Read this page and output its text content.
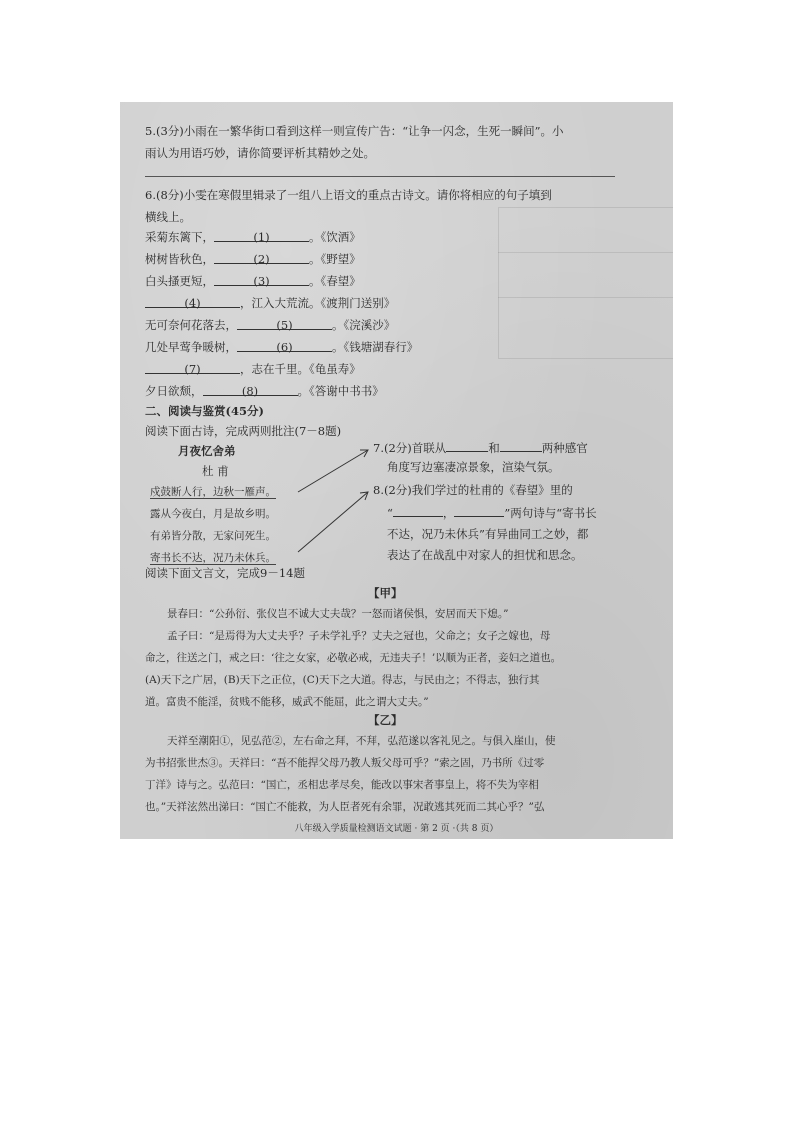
5.(3分)小雨在一繁华街口看到这样一则宣传广告：“让争一闪念，生死一瞬间”。小
雨认为用语巧妙，请你简要评析其精妙之处。
6.(8分)小雯在寒假里辑录了一组八上语文的重点古诗文。请你将相应的句子填到
横线上。
采菊东篱下，	(1)	。《饮酒》
树树皆秋色，	(2)	。《野望》
白头搔更短，	(3)	。《春望》
(4)	，江入大荒流。《渡荆门送别》
无可奈何花落去，	(5)	。《浣溪沙》
几处早莺争暖树，	(6)	。《钱塘湖春行》
(7)	，志在千里。《龟虽寿》
夕日欲颓，	(8)	。《答谢中书书》
二、阅读与鉴赏(45分)
阅读下面古诗，完成两则批注(7－8题)
月夜忆舍弟
杜 甫
戍鼓断人行，边秋一雁声。
露从今夜白，月是故乡明。
有弟皆分散，无家问死生。
寄书长不达，况乃未休兵。
7.(2分)首联从	和	两种感官
角度写边塞凄凉景象，渲染气氛。
8.(2分)我们学过的杜甫的《春望》里的
“	，	”两句诗与“寄书长
不达，况乃未休兵”有异曲同工之妙，都
表达了在战乱中对家人的担忧和思念。
阅读下面文言文，完成9－14题
【甲】
景春曰：“公孙衍、张仪岂不诚大丈夫哉？一怒而诸侯惧，安居而天下熄。”
孟子曰：“是焉得为大丈夫乎？子未学礼乎？丈夫之冠也，父命之；女子之嫁也，母
命之，往送之门，戒之曰：‘往之女家，必敬必戒，无违夫子！’以顺为正者，妾妇之道也。
(A)天下之广居，(B)天下之正位，(C)天下之大道。得志，与民由之；不得志，独行其
道。富贵不能淫，贫贱不能移，威武不能屈，此之谓大丈夫。”
【乙】
天祥至潮阳①，见弘范②，左右命之拜，不拜，弘范遂以客礼见之。与俱入崖山，使
为书招张世杰③。天祥曰：“吾不能捍父母乃教人叛父母可乎？”索之固，乃书所《过零
丁洋》诗与之。弘范曰：“国亡，丞相忠孝尽矣，能改以事宋者事皇上，将不失为宰相
也。”天祥泫然出涕曰：“国亡不能救，为人臣者死有余罪，况敢逃其死而二其心乎？”弘
八年级入学质量检测语文试题 · 第 2 页 ·（共 8 页）
